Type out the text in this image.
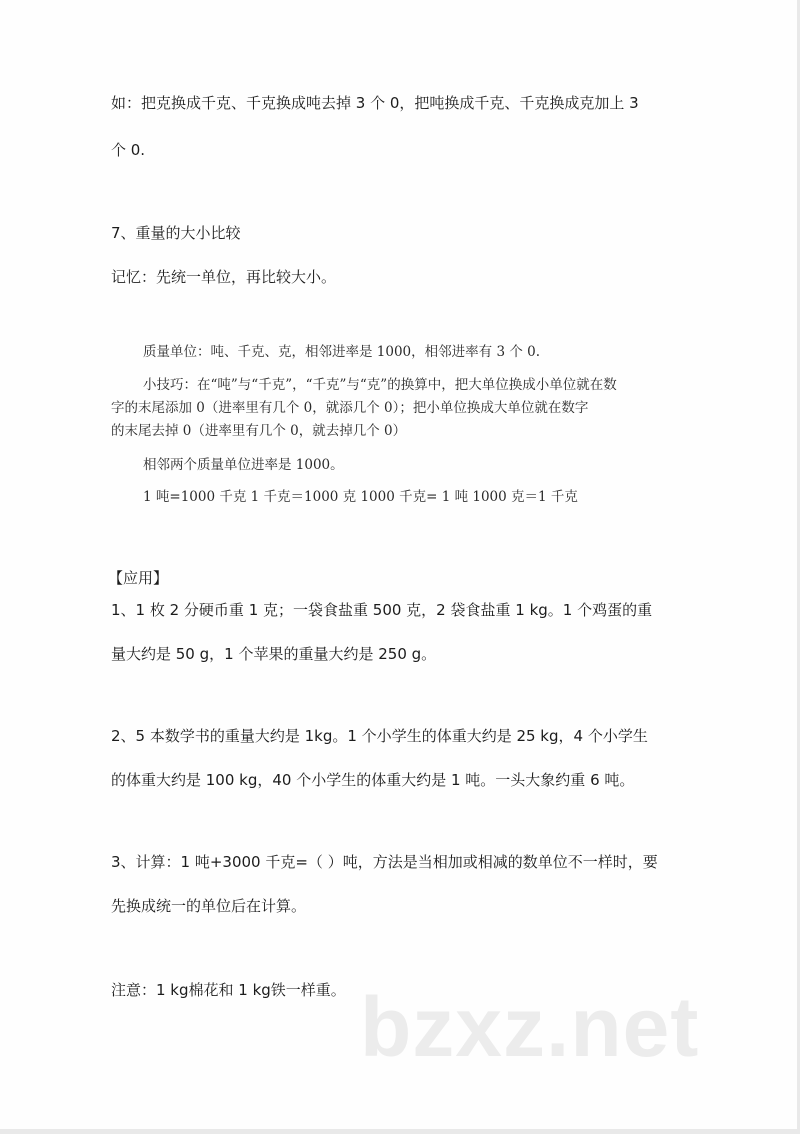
如：把克换成千克、千克换成吨去掉 3 个 0，把吨换成千克、千克换成克加上 3
个 0.
7、重量的大小比较
记忆：先统一单位，再比较大小。
质量单位：吨、千克、克，相邻进率是 1000，相邻进率有 3 个 0.
小技巧：在“吨”与“千克”，“千克”与“克”的换算中，把大单位换成小单位就在数
字的末尾添加 0（进率里有几个 0，就添几个 0）；把小单位换成大单位就在数字
的末尾去掉 0（进率里有几个 0，就去掉几个 0）
相邻两个质量单位进率是 1000。
1 吨=1000 千克 1 千克＝1000 克 1000 千克= 1 吨 1000 克＝1 千克
【应用】
1、1 枚 2 分硬币重 1 克；一袋食盐重 500 克，2 袋食盐重 1 kg。1 个鸡蛋的重
量大约是 50 g，1 个苹果的重量大约是 250 g。
2、5 本数学书的重量大约是 1kg。1 个小学生的体重大约是 25 kg，4 个小学生
的体重大约是 100 kg，40 个小学生的体重大约是 1 吨。一头大象约重 6 吨。
3、计算：1 吨+3000 千克=（ ）吨，方法是当相加或相减的数单位不一样时，要
先换成统一的单位后在计算。
注意：1 kg棉花和 1 kg铁一样重。 bzxz.net
